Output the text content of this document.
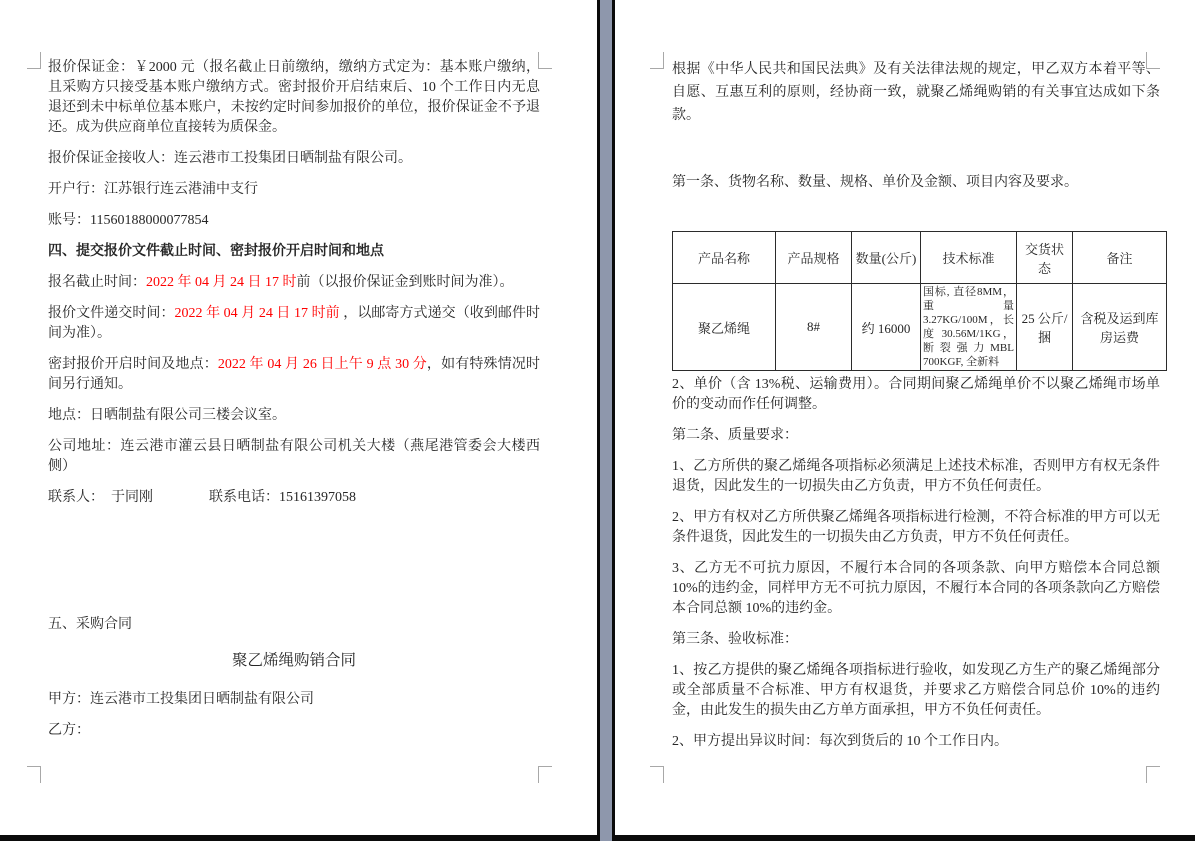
报价保证金：￥2000 元（报名截止日前缴纳，缴纳方式定为：基本账户缴纳，且采购方只接受基本账户缴纳方式。密封报价开启结束后、10 个工作日内无息退还到未中标单位基本账户，未按约定时间参加报价的单位，报价保证金不予退还。成为供应商单位直接转为质保金。

报价保证金接收人：连云港市工投集团日晒制盐有限公司。

开户行：江苏银行连云港浦中支行

账号：11560188000077854

四、提交报价文件截止时间、密封报价开启时间和地点

报名截止时间：2022 年 04 月 24 日 17 时前（以报价保证金到账时间为准）。

报价文件递交时间：2022 年 04 月 24 日 17 时前 ，以邮寄方式递交（收到邮件时间为准）。

密封报价开启时间及地点：2022 年 04 月 26 日上午 9 点 30 分，如有特殊情况时间另行通知。

地点：日晒制盐有限公司三楼会议室。

公司地址：连云港市灌云县日晒制盐有限公司机关大楼（燕尾港管委会大楼西侧）

联系人：　于同刚　　　　联系电话：15161397058

五、采购合同

聚乙烯绳购销合同

甲方：连云港市工投集团日晒制盐有限公司

乙方：

根据《中华人民共和国民法典》及有关法律法规的规定，甲乙双方本着平等、自愿、互惠互利的原则，经协商一致，就聚乙烯绳购销的有关事宜达成如下条款。

第一条、货物名称、数量、规格、单价及金额、项目内容及要求。

产品名称	产品规格	数量(公斤)	技术标准	交货状态	备注
聚乙烯绳	8#	约 16000	国标, 直径8MM，重量 3.27KG/100M，长度 30.56M/1KG，断裂强力MBL 700KGF, 全新料	25 公斤/捆	含税及运到库房运费

2、单价（含 13%税、运输费用）。合同期间聚乙烯绳单价不以聚乙烯绳市场单价的变动而作任何调整。

第二条、质量要求：

1、乙方所供的聚乙烯绳各项指标必须满足上述技术标准，否则甲方有权无条件退货，因此发生的一切损失由乙方负责，甲方不负任何责任。

2、甲方有权对乙方所供聚乙烯绳各项指标进行检测，不符合标准的甲方可以无条件退货，因此发生的一切损失由乙方负责，甲方不负任何责任。

3、乙方无不可抗力原因，不履行本合同的各项条款、向甲方赔偿本合同总额 10%的违约金，同样甲方无不可抗力原因，不履行本合同的各项条款向乙方赔偿本合同总额 10%的违约金。

第三条、验收标准：

1、按乙方提供的聚乙烯绳各项指标进行验收，如发现乙方生产的聚乙烯绳部分或全部质量不合标准、甲方有权退货，并要求乙方赔偿合同总价 10%的违约金，由此发生的损失由乙方单方面承担，甲方不负任何责任。

2、甲方提出异议时间：每次到货后的 10 个工作日内。
